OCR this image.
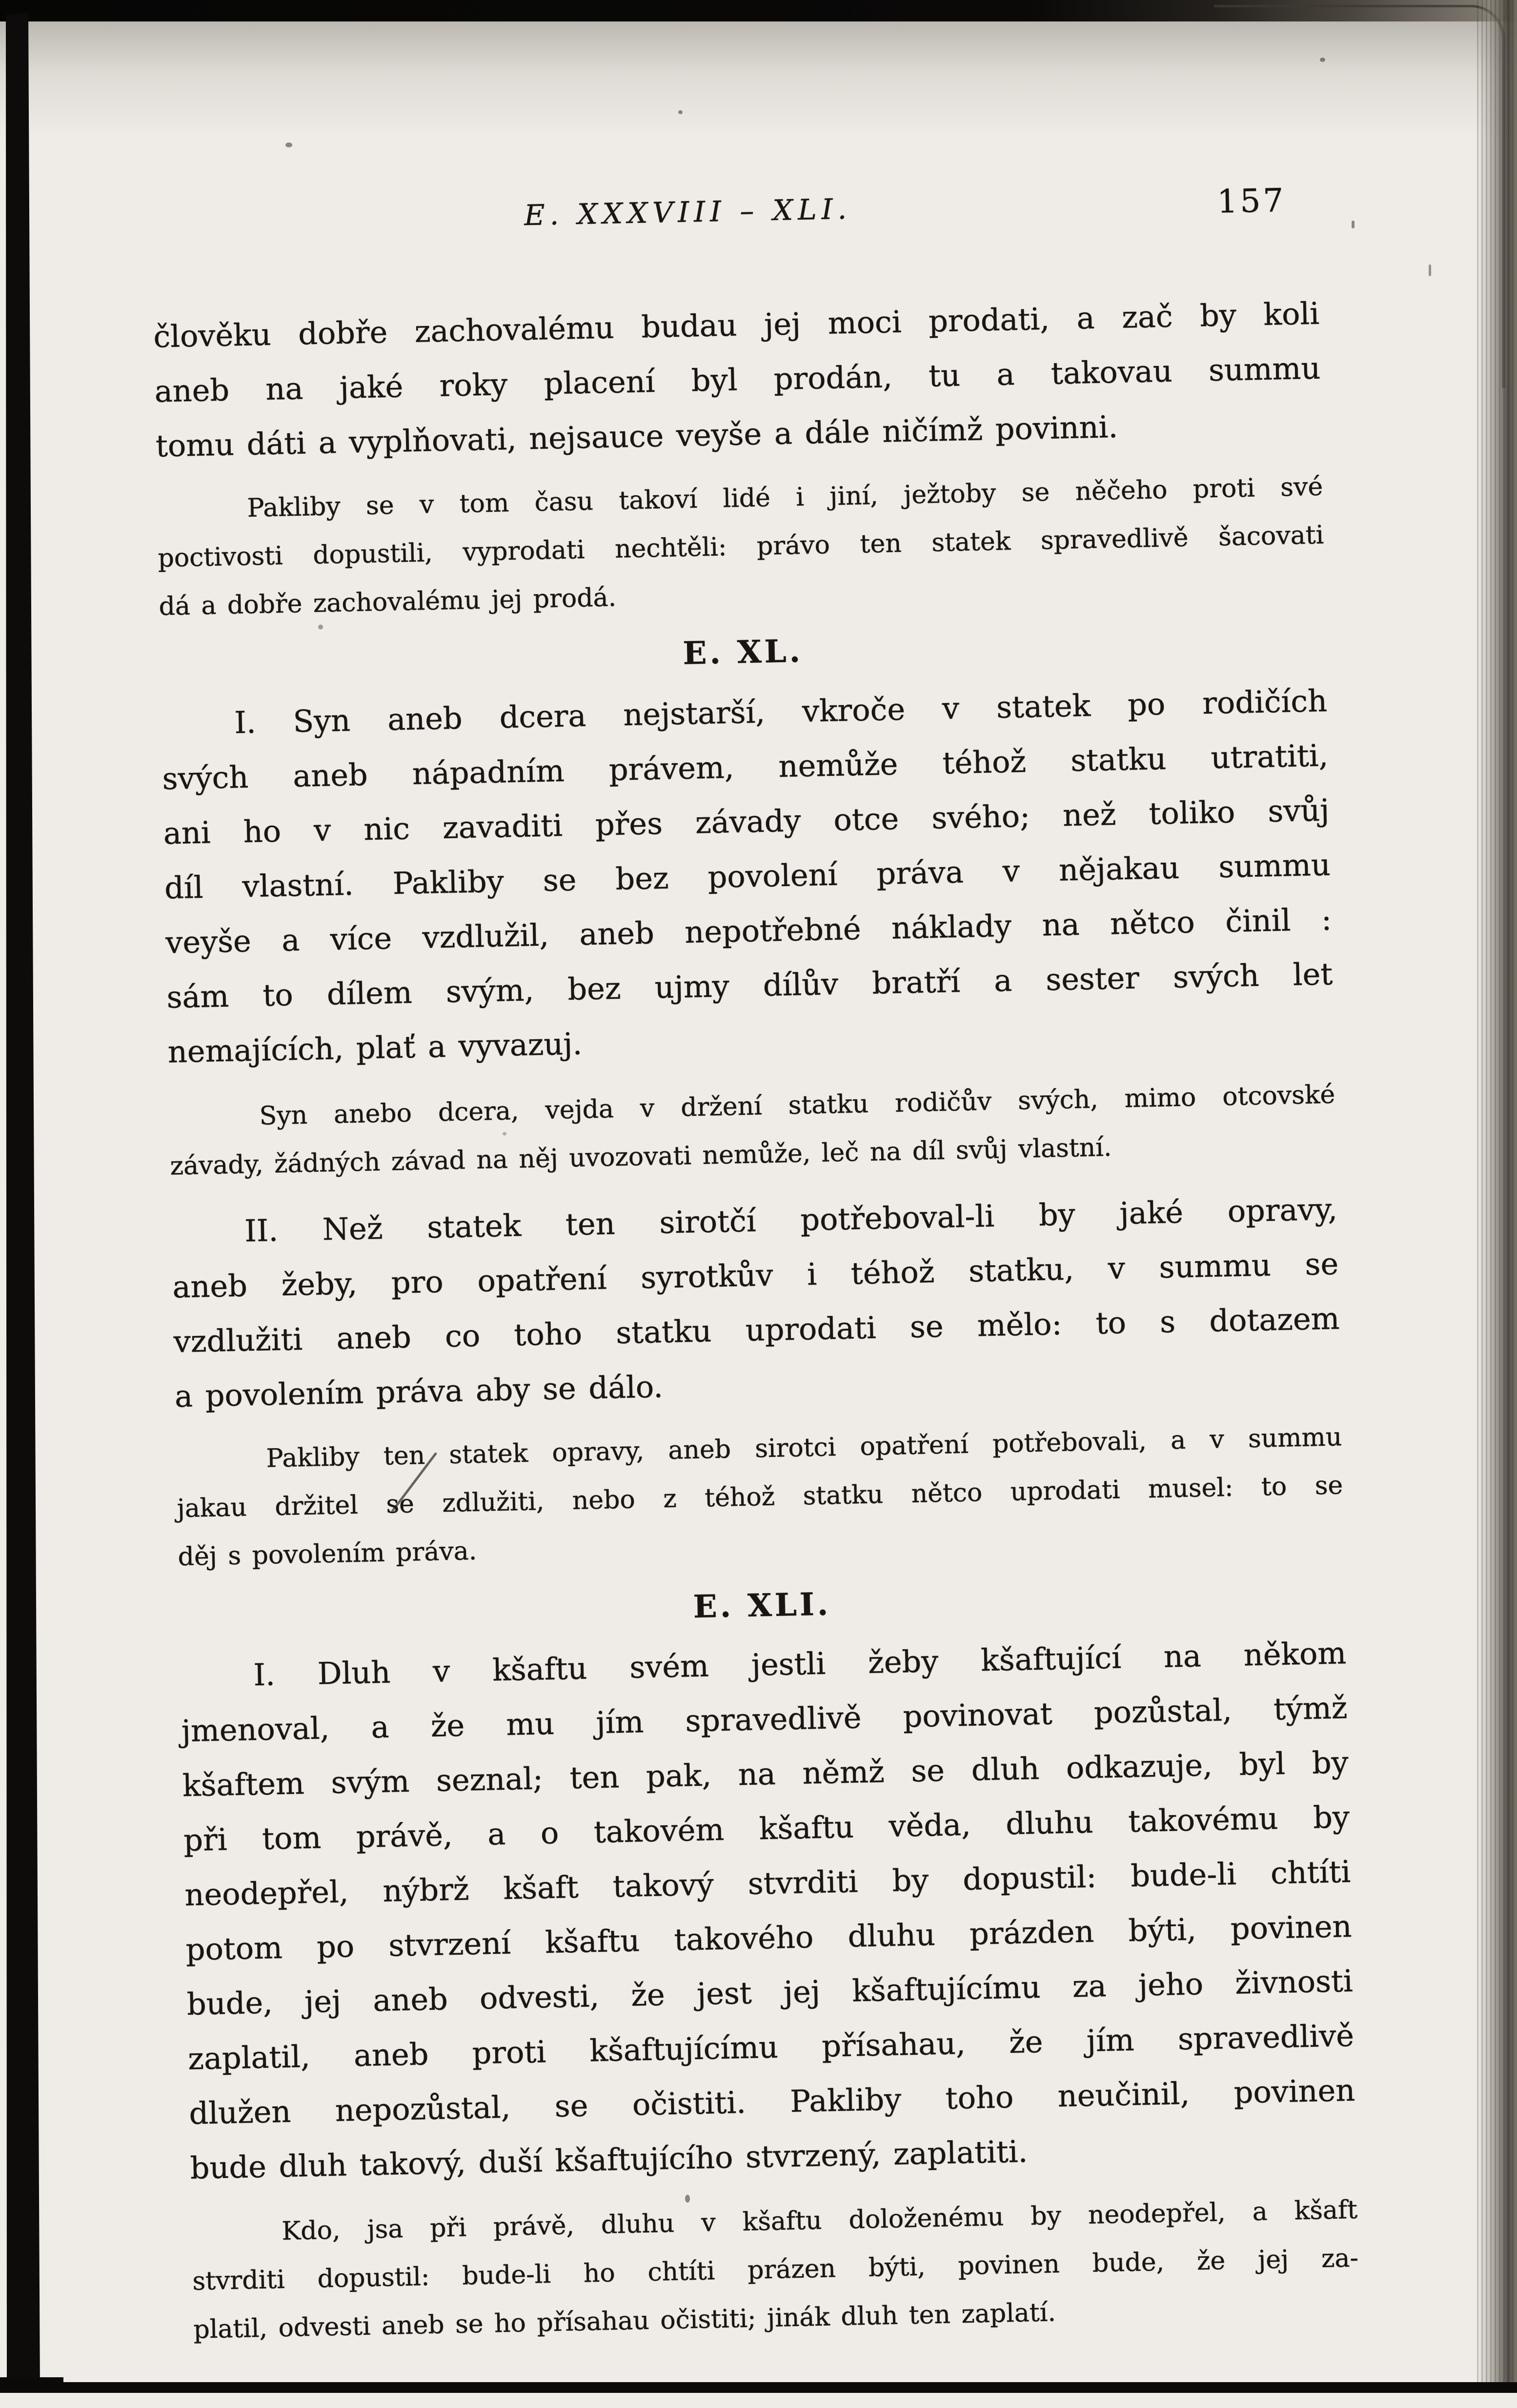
E. XXXVIII – XLI.	157
člověku dobře zachovalému budau jej moci prodati, a zač by koli
aneb na jaké roky placení byl prodán, tu a takovau summu
tomu dáti a vyplňovati, nejsauce veyše a dále ničímž povinni.
Pakliby se v tom času takoví lidé i jiní, ježtoby se něčeho proti své
poctivosti dopustili, vyprodati nechtěli: právo ten statek spravedlivě šacovati
dá a dobře zachovalému jej prodá.
E. XL.
I. Syn aneb dcera nejstarší, vkroče v statek po rodičích
svých aneb nápadním právem, nemůže téhož statku utratiti,
ani ho v nic zavaditi přes závady otce svého; než toliko svůj
díl vlastní. Pakliby se bez povolení práva v nějakau summu
veyše a více vzdlužil, aneb nepotřebné náklady na nětco činil :
sám to dílem svým, bez ujmy dílův bratří a sester svých let
nemajících, plať a vyvazuj.
Syn anebo dcera, vejda v držení statku rodičův svých, mimo otcovské
závady, žádných závad na něj uvozovati nemůže, leč na díl svůj vlastní.
II. Než statek ten sirotčí potřeboval-li by jaké opravy,
aneb žeby, pro opatření syrotkův i téhož statku, v summu se
vzdlužiti aneb co toho statku uprodati se mělo: to s dotazem
a povolením práva aby se dálo.
Pakliby ten statek opravy, aneb sirotci opatření potřebovali, a v summu
jakau držitel se zdlužiti, nebo z téhož statku nětco uprodati musel: to se
děj s povolením práva.
E. XLI.
I. Dluh v kšaftu svém jestli žeby kšaftující na někom
jmenoval, a že mu jím spravedlivě povinovat pozůstal, týmž
kšaftem svým seznal; ten pak, na němž se dluh odkazuje, byl by
při tom právě, a o takovém kšaftu věda, dluhu takovému by
neodepřel, nýbrž kšaft takový stvrditi by dopustil: bude-li chtíti
potom po stvrzení kšaftu takového dluhu prázden býti, povinen
bude, jej aneb odvesti, že jest jej kšaftujícímu za jeho živnosti
zaplatil, aneb proti kšaftujícímu přísahau, že jím spravedlivě
dlužen nepozůstal, se očistiti. Pakliby toho neučinil, povinen
bude dluh takový, duší kšaftujícího stvrzený, zaplatiti.
Kdo, jsa při právě, dluhu v kšaftu doloženému by neodepřel, a kšaft
stvrditi dopustil: bude-li ho chtíti prázen býti, povinen bude, že jej za-
platil, odvesti aneb se ho přísahau očistiti; jinák dluh ten zaplatí.
